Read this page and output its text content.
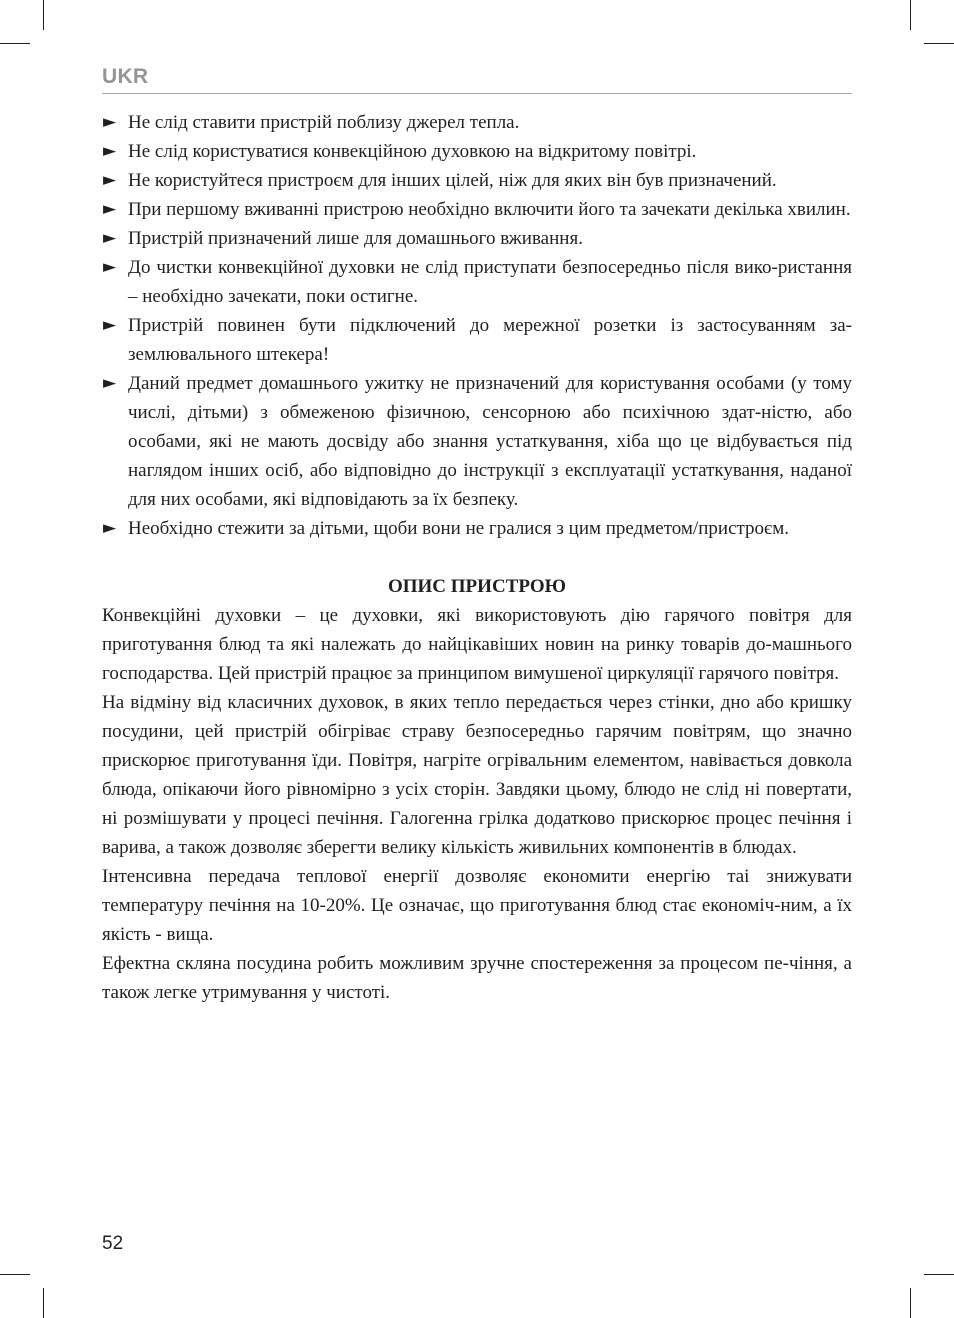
UKR
► Не слід ставити пристрій поблизу джерел тепла.
► Не слід користуватися конвекційною духовкою на відкритому повітрі.
► Не користуйтеся пристроєм для інших цілей, ніж для яких він був призначений.
► При першому вживанні пристрою необхідно включити його та зачекати декілька хвилин.
► Пристрій призначений лише для домашнього вживання.
► До чистки конвекційної духовки не слід приступати безпосередньо після вико-ристання – необхідно зачекати, поки остигне.
► Пристрій повинен бути підключений до мережної розетки із застосуванням за-землювального штекера!
► Даний предмет домашнього ужитку не призначений для користування особами (у тому числі, дітьми) з обмеженою фізичною, сенсорною або психічною здат-ністю, або особами, які не мають досвіду або знання устаткування, хіба що це відбувається під наглядом інших осіб, або відповідно до інструкції з експлуатації устаткування, наданої для них особами, які відповідають за їх безпеку.
► Необхідно стежити за дітьми, щоби вони не гралися з цим предметом/пристроєм.
ОПИС ПРИСТРОЮ

Конвекційні духовки – це духовки, які використовують дію гарячого повітря для приготування блюд та які належать до найцікавіших новин на ринку товарів до-машнього господарства. Цей пристрій працює за принципом вимушеної циркуляції гарячого повітря.

На відміну від класичних духовок, в яких тепло передається через стінки, дно або кришку посудини, цей пристрій обігріває страву безпосередньо гарячим повітрям, що значно прискорює приготування їди. Повітря, нагріте огрівальним елементом, навівається довкола блюда, опікаючи його рівномірно з усіх сторін. Завдяки цьому, блюдо не слід ні повертати, ні розмішувати у процесі печіння. Галогенна грілка додатково прискорює процес печіння і варива, а також дозволяє зберегти велику кількість живильних компонентів в блюдах.

Інтенсивна передача теплової енергії дозволяє економити енергію таі знижувати температуру печіння на 10-20%. Це означає, що приготування блюд стає економіч-ним, а їх якість - вища.

Ефектна скляна посудина робить можливим зручне спостереження за процесом пе-чіння, а також легке утримування у чистоті.

52
